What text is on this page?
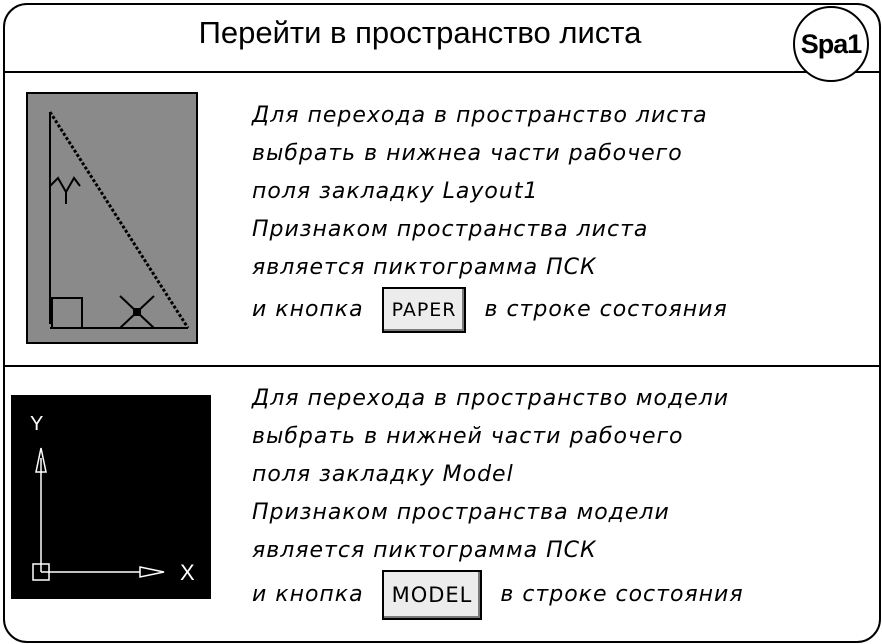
Перейти в пространство листа	Spa1
Для перехода в пространство листа
выбрать в нижнеа части рабочего
поля закладку Layout1
Признаком пространства листа
является пиктограмма ПСК
и кнопка PAPER в строке состояния
Y
X
Для перехода в пространство модели
выбрать в нижней части рабочего
поля закладку Model
Признаком пространства модели
является пиктограмма ПСК
и кнопка MODEL в строке состояния
